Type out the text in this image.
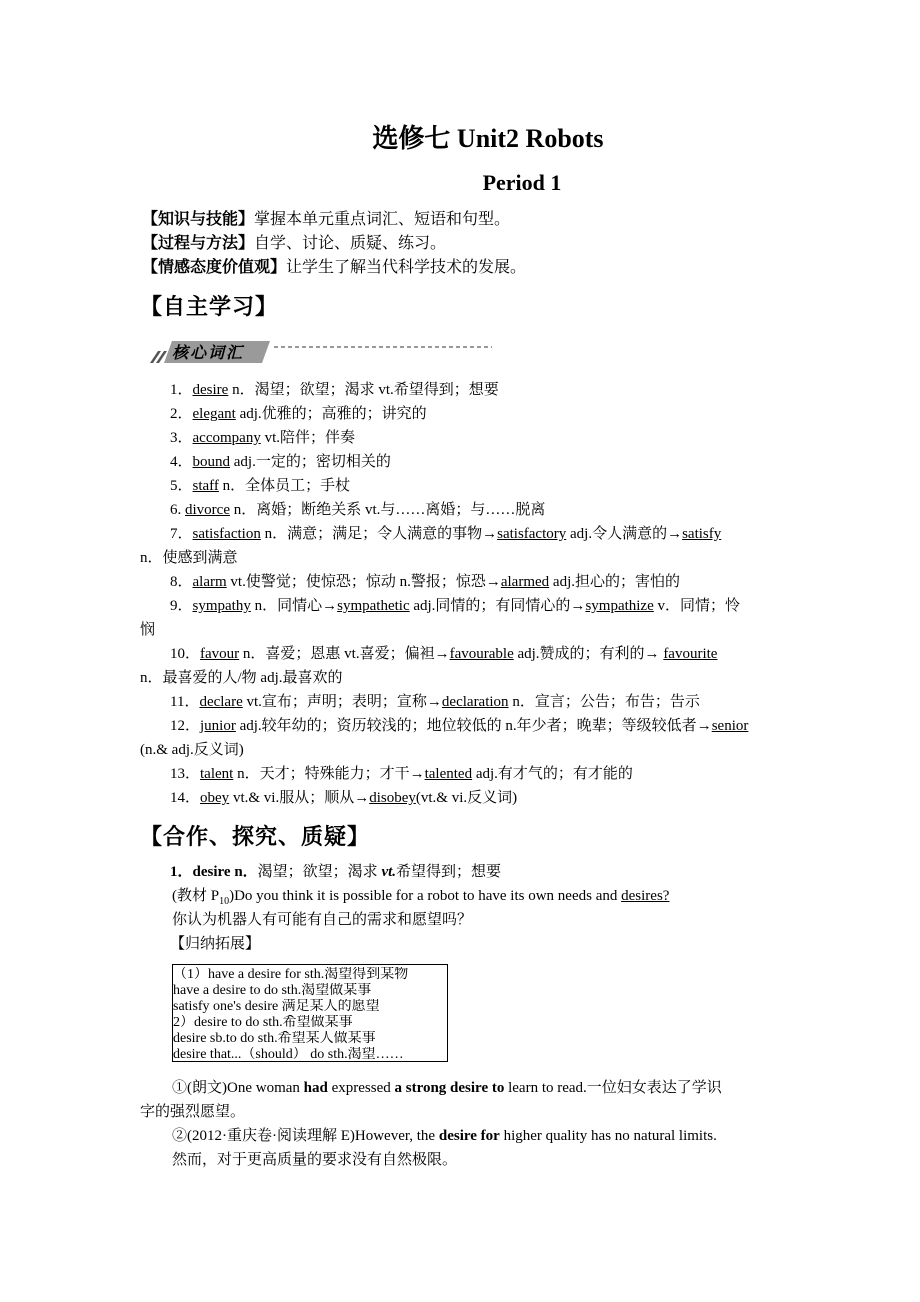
选修七 Unit2 Robots
Period 1
【知识与技能】掌握本单元重点词汇、短语和句型。
【过程与方法】自学、讨论、质疑、练习。
【情感态度价值观】让学生了解当代科学技术的发展。
【自主学习】
核心词汇
1．desire n．渴望；欲望；渴求 vt.希望得到；想要
2．elegant adj.优雅的；高雅的；讲究的
3．accompany vt.陪伴；伴奏
4．bound adj.一定的；密切相关的
5．staff n．全体员工；手杖
6. divorce n．离婚；断绝关系 vt.与……离婚；与……脱离
7．satisfaction n．满意；满足；令人满意的事物→satisfactory adj.令人满意的→satisfy
n．使感到满意
8．alarm vt.使警觉；使惊恐；惊动 n.警报；惊恐→alarmed adj.担心的；害怕的
9．sympathy n．同情心→sympathetic adj.同情的；有同情心的→sympathize v．同情；怜
悯
10．favour n．喜爱；恩惠 vt.喜爱；偏袒→favourable adj.赞成的；有利的→ favourite
n．最喜爱的人/物 adj.最喜欢的
11．declare vt.宣布；声明；表明；宣称→declaration n．宣言；公告；布告；告示
12．junior adj.较年幼的；资历较浅的；地位较低的 n.年少者；晚辈；等级较低者→senior
(n.& adj.反义词)
13．talent n．天才；特殊能力；才干→talented adj.有才气的；有才能的
14．obey vt.& vi.服从；顺从→disobey(vt.& vi.反义词)
【合作、探究、质疑】
1．desire n．渴望；欲望；渴求 vt.希望得到；想要
(教材 $P_{10})Do$ you think it is possible for a robot to have its own needs and desires?
你认为机器人有可能有自己的需求和愿望吗？
【归纳拓展】
（1）have a desire for sth.渴望得到某物
have a desire to do sth.渴望做某事
satisfy one's desire 满足某人的愿望
2）desire to do sth.希望做某事
desire sb.to do sth.希望某人做某事
desire that...（should） do sth.渴望……
①(朗文)One woman had expressed a strong desire to learn to read.一位妇女表达了学识
字的强烈愿望。
②(2012·重庆卷·阅读理解 E)However, the desire for higher quality has no natural limits.
然而，对于更高质量的要求没有自然极限。
